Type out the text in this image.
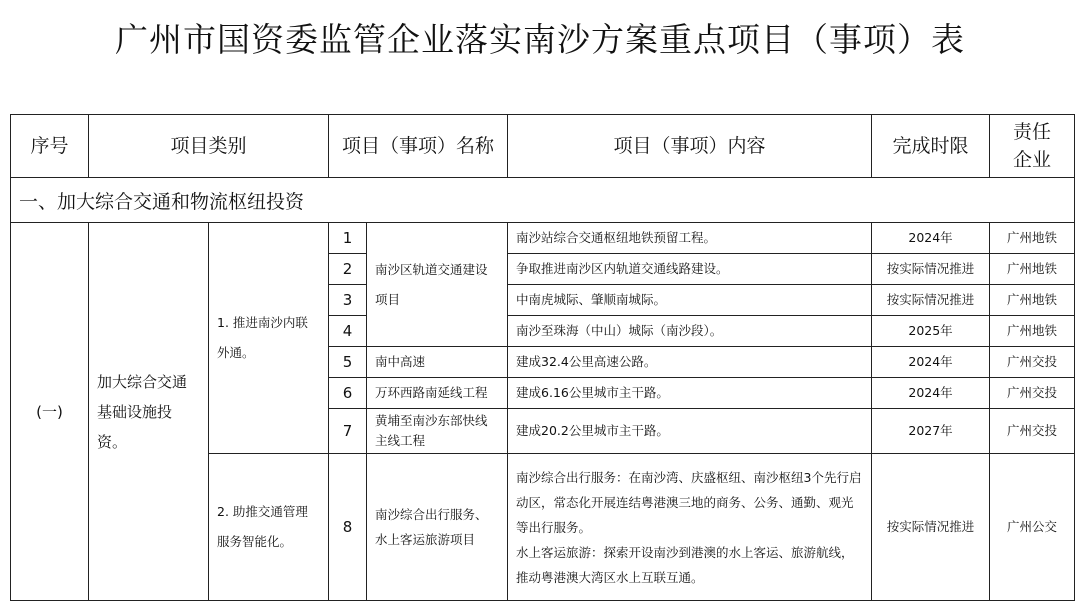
广州市国资委监管企业落实南沙方案重点项目（事项）表
序号	项目类别		项目（事项）名称		项目（事项）内容	完成时限	责任
企业

一、加大综合交通和物流枢纽投资							
(一)	加大综合交通基础设施投资。	1. 推进南沙内联外通。	1	南沙区轨道交通建设项目	南沙站综合交通枢纽地铁预留工程。	2024年	广州地铁
			2		争取推进南沙区内轨道交通线路建设。	按实际情况推进	广州地铁
			3		中南虎城际、肇顺南城际。	按实际情况推进	广州地铁
			4		南沙至珠海（中山）城际（南沙段）。	2025年	广州地铁
			5	南中高速	建成32.4公里高速公路。	2024年	广州交投
			6	万环西路南延线工程	建成6.16公里城市主干路。	2024年	广州交投
			7	黄埔至南沙东部快线主线工程	建成20.2公里城市主干路。	2027年	广州交投
		2. 助推交通管理服务智能化。	8	南沙综合出行服务、水上客运旅游项目	南沙综合出行服务：在南沙湾、庆盛枢纽、南沙枢纽3个先行启动区，常态化开展连结粤港澳三地的商务、公务、通勤、观光等出行服务。
水上客运旅游：探索开设南沙到港澳的水上客运、旅游航线，推动粤港澳大湾区水上互联互通。	按实际情况推进	广州公交
